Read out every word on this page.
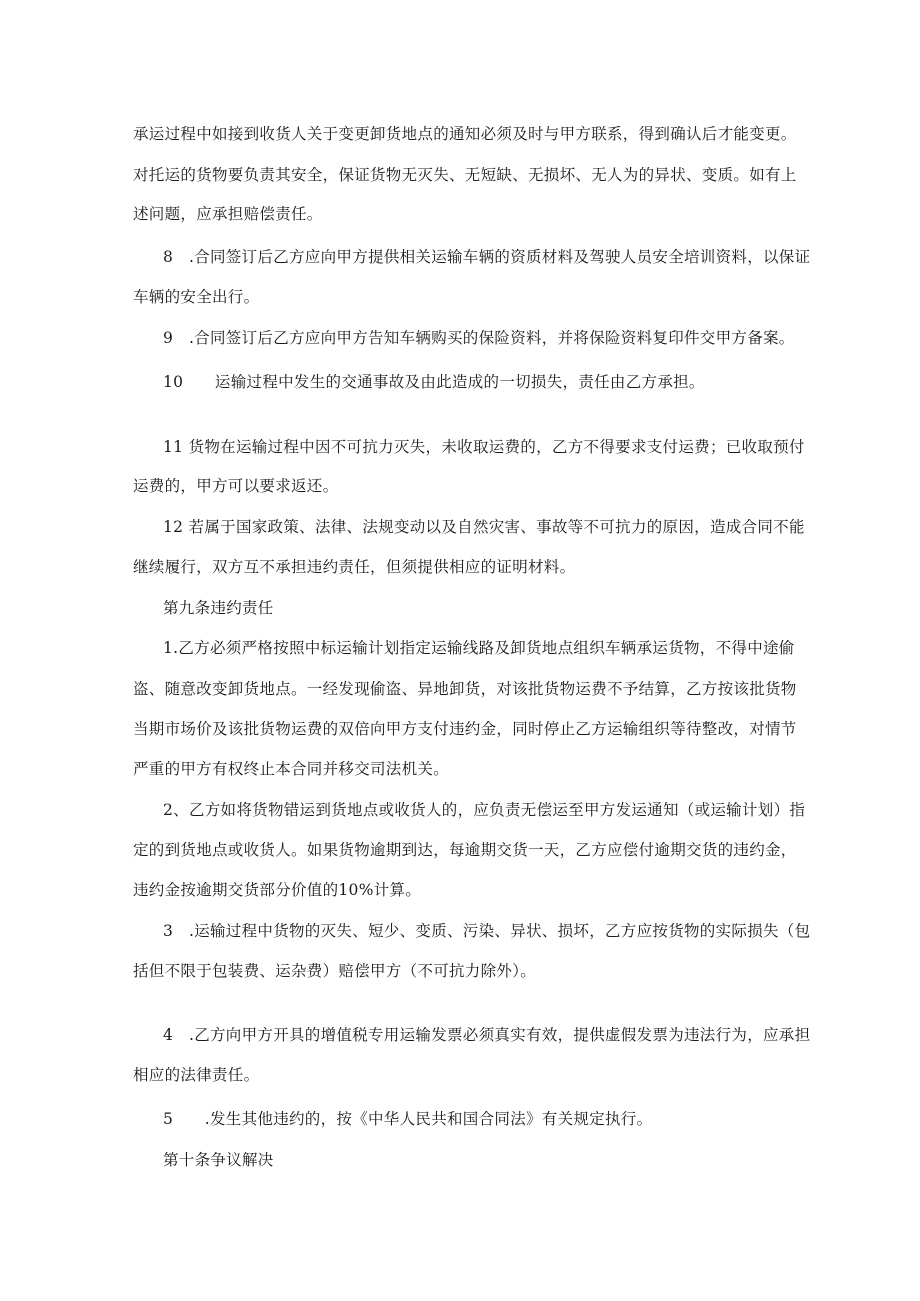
承运过程中如接到收货人关于变更卸货地点的通知必须及时与甲方联系，得到确认后才能变更。
对托运的货物要负责其安全，保证货物无灭失、无短缺、无损坏、无人为的异状、变质。如有上
述问题，应承担赔偿责任。
8　.合同签订后乙方应向甲方提供相关运输车辆的资质材料及驾驶人员安全培训资料，以保证
车辆的安全出行。
9　.合同签订后乙方应向甲方告知车辆购买的保险资料，并将保险资料复印件交甲方备案。
10　　运输过程中发生的交通事故及由此造成的一切损失，责任由乙方承担。
11 货物在运输过程中因不可抗力灭失，未收取运费的，乙方不得要求支付运费；已收取预付
运费的，甲方可以要求返还。
12 若属于国家政策、法律、法规变动以及自然灾害、事故等不可抗力的原因，造成合同不能
继续履行，双方互不承担违约责任，但须提供相应的证明材料。
第九条违约责任
1.乙方必须严格按照中标运输计划指定运输线路及卸货地点组织车辆承运货物，不得中途偷
盗、随意改变卸货地点。一经发现偷盗、异地卸货，对该批货物运费不予结算，乙方按该批货物
当期市场价及该批货物运费的双倍向甲方支付违约金，同时停止乙方运输组织等待整改，对情节
严重的甲方有权终止本合同并移交司法机关。
2、乙方如将货物错运到货地点或收货人的，应负责无偿运至甲方发运通知（或运输计划）指
定的到货地点或收货人。如果货物逾期到达，每逾期交货一天，乙方应偿付逾期交货的违约金，
违约金按逾期交货部分价值的10%计算。
3　.运输过程中货物的灭失、短少、变质、污染、异状、损坏，乙方应按货物的实际损失（包
括但不限于包装费、运杂费）赔偿甲方（不可抗力除外）。
4　.乙方向甲方开具的增值税专用运输发票必须真实有效，提供虚假发票为违法行为，应承担
相应的法律责任。
5　　.发生其他违约的，按《中华人民共和国合同法》有关规定执行。
第十条争议解决
